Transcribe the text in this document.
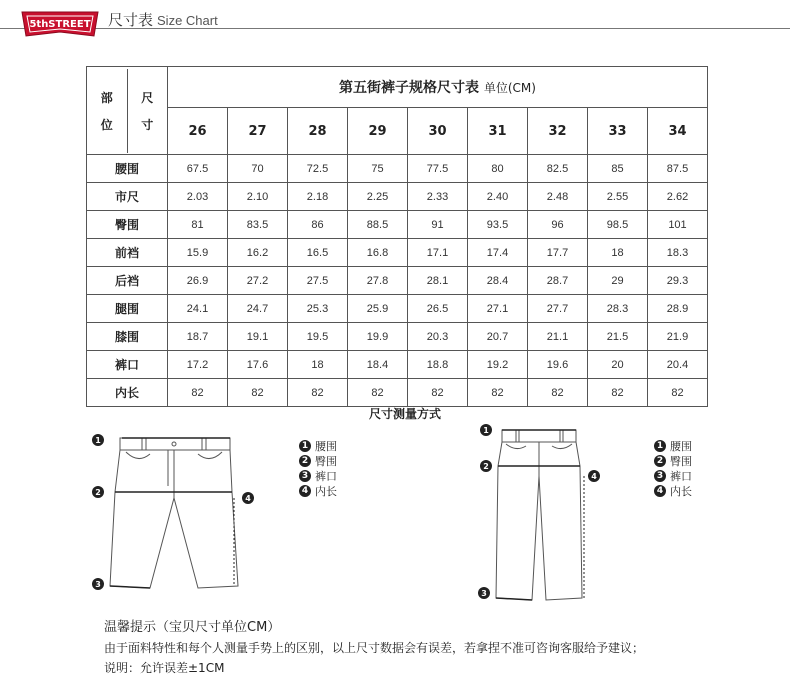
5thSTREET 尺寸表 Size Chart
部
位
尺
寸	第五街裤子规格尺寸表 单位(CM)								
	26	27	28	29	30	31	32	33	34
腰围	67.5	70	72.5	75	77.5	80	82.5	85	87.5
市尺	2.03	2.10	2.18	2.25	2.33	2.40	2.48	2.55	2.62
臀围	81	83.5	86	88.5	91	93.5	96	98.5	101
前裆	15.9	16.2	16.5	16.8	17.1	17.4	17.7	18	18.3
后裆	26.9	27.2	27.5	27.8	28.1	28.4	28.7	29	29.3
腿围	24.1	24.7	25.3	25.9	26.5	27.1	27.7	28.3	28.9
膝围	18.7	19.1	19.5	19.9	20.3	20.7	21.1	21.5	21.9
裤口	17.2	17.6	18	18.4	18.8	19.2	19.6	20	20.4
内长	82	82	82	82	82	82	82	82	82
尺寸测量方式
1
2
3
4
1 腰围
2 臀围
3 裤口
4 内长
1
2
3
4
1 腰围
2 臀围
3 裤口
4 内长
温馨提示（宝贝尺寸单位CM）
由于面料特性和每个人测量手势上的区别，以上尺寸数据会有误差，若拿捏不准可咨询客服给予建议；
说明：允许误差±1CM
